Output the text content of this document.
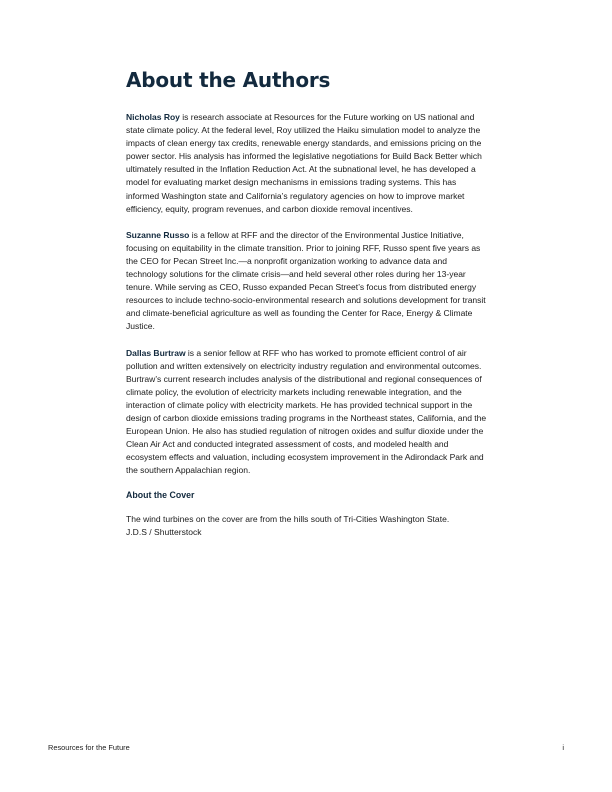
About the Authors

Nicholas Roy is research associate at Resources for the Future working on US national and state climate policy. At the federal level, Roy utilized the Haiku simulation model to analyze the impacts of clean energy tax credits, renewable energy standards, and emissions pricing on the power sector. His analysis has informed the legislative negotiations for Build Back Better which ultimately resulted in the Inflation Reduction Act. At the subnational level, he has developed a model for evaluating market design mechanisms in emissions trading systems. This has informed Washington state and California’s regulatory agencies on how to improve market efficiency, equity, program revenues, and carbon dioxide removal incentives.

Suzanne Russo is a fellow at RFF and the director of the Environmental Justice Initiative, focusing on equitability in the climate transition. Prior to joining RFF, Russo spent five years as the CEO for Pecan Street Inc.—a nonprofit organization working to advance data and technology solutions for the climate crisis—and held several other roles during her 13-year tenure. While serving as CEO, Russo expanded Pecan Street’s focus from distributed energy resources to include techno-socio-environmental research and solutions development for transit and climate-beneficial agriculture as well as founding the Center for Race, Energy & Climate Justice.

Dallas Burtraw is a senior fellow at RFF who has worked to promote efficient control of air pollution and written extensively on electricity industry regulation and environmental outcomes. Burtraw’s current research includes analysis of the distributional and regional consequences of climate policy, the evolution of electricity markets including renewable integration, and the interaction of climate policy with electricity markets. He has provided technical support in the design of carbon dioxide emissions trading programs in the Northeast states, California, and the European Union. He also has studied regulation of nitrogen oxides and sulfur dioxide under the Clean Air Act and conducted integrated assessment of costs, and modeled health and ecosystem effects and valuation, including ecosystem improvement in the Adirondack Park and the southern Appalachian region.

About the Cover

The wind turbines on the cover are from the hills south of Tri-Cities Washington State.
J.D.S / Shutterstock

Resources for the Future	i
